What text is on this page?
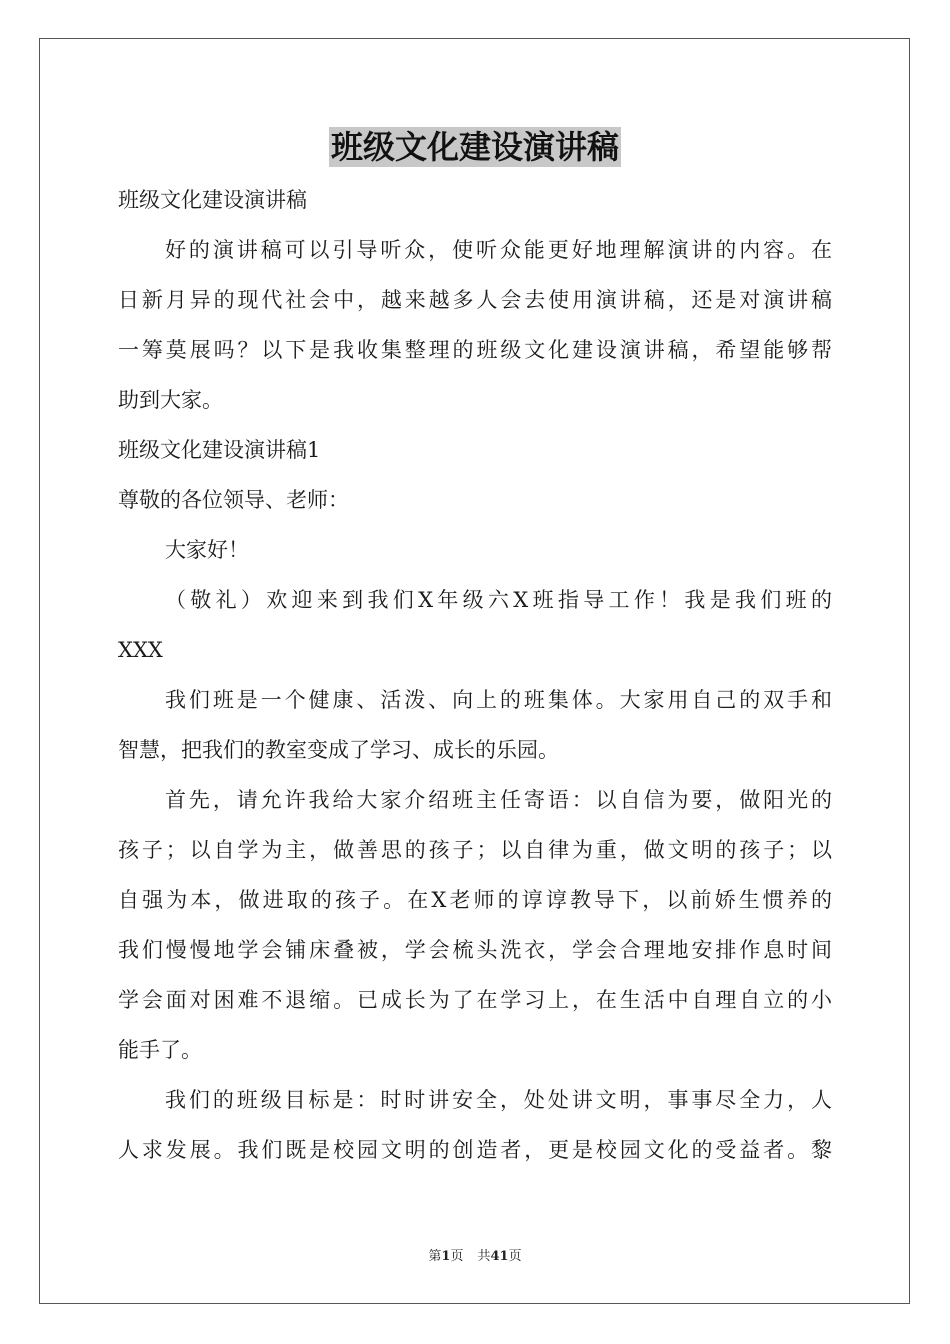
班级文化建设演讲稿
班级文化建设演讲稿
好的演讲稿可以引导听众，使听众能更好地理解演讲的内容。在
日新月异的现代社会中，越来越多人会去使用演讲稿，还是对演讲稿
一筹莫展吗？以下是我收集整理的班级文化建设演讲稿，希望能够帮
助到大家。
班级文化建设演讲稿1
尊敬的各位领导、老师：
大家好！
（敬礼）欢迎来到我们X年级六X班指导工作！我是我们班的
XXX
我们班是一个健康、活泼、向上的班集体。大家用自己的双手和
智慧，把我们的教室变成了学习、成长的乐园。
首先，请允许我给大家介绍班主任寄语：以自信为要，做阳光的
孩子；以自学为主，做善思的孩子；以自律为重，做文明的孩子；以
自强为本，做进取的孩子。在X老师的谆谆教导下，以前娇生惯养的
我们慢慢地学会铺床叠被，学会梳头洗衣，学会合理地安排作息时间
学会面对困难不退缩。已成长为了在学习上，在生活中自理自立的小
能手了。
我们的班级目标是：时时讲安全，处处讲文明，事事尽全力，人
人求发展。我们既是校园文明的创造者，更是校园文化的受益者。黎
第1页 共41页
